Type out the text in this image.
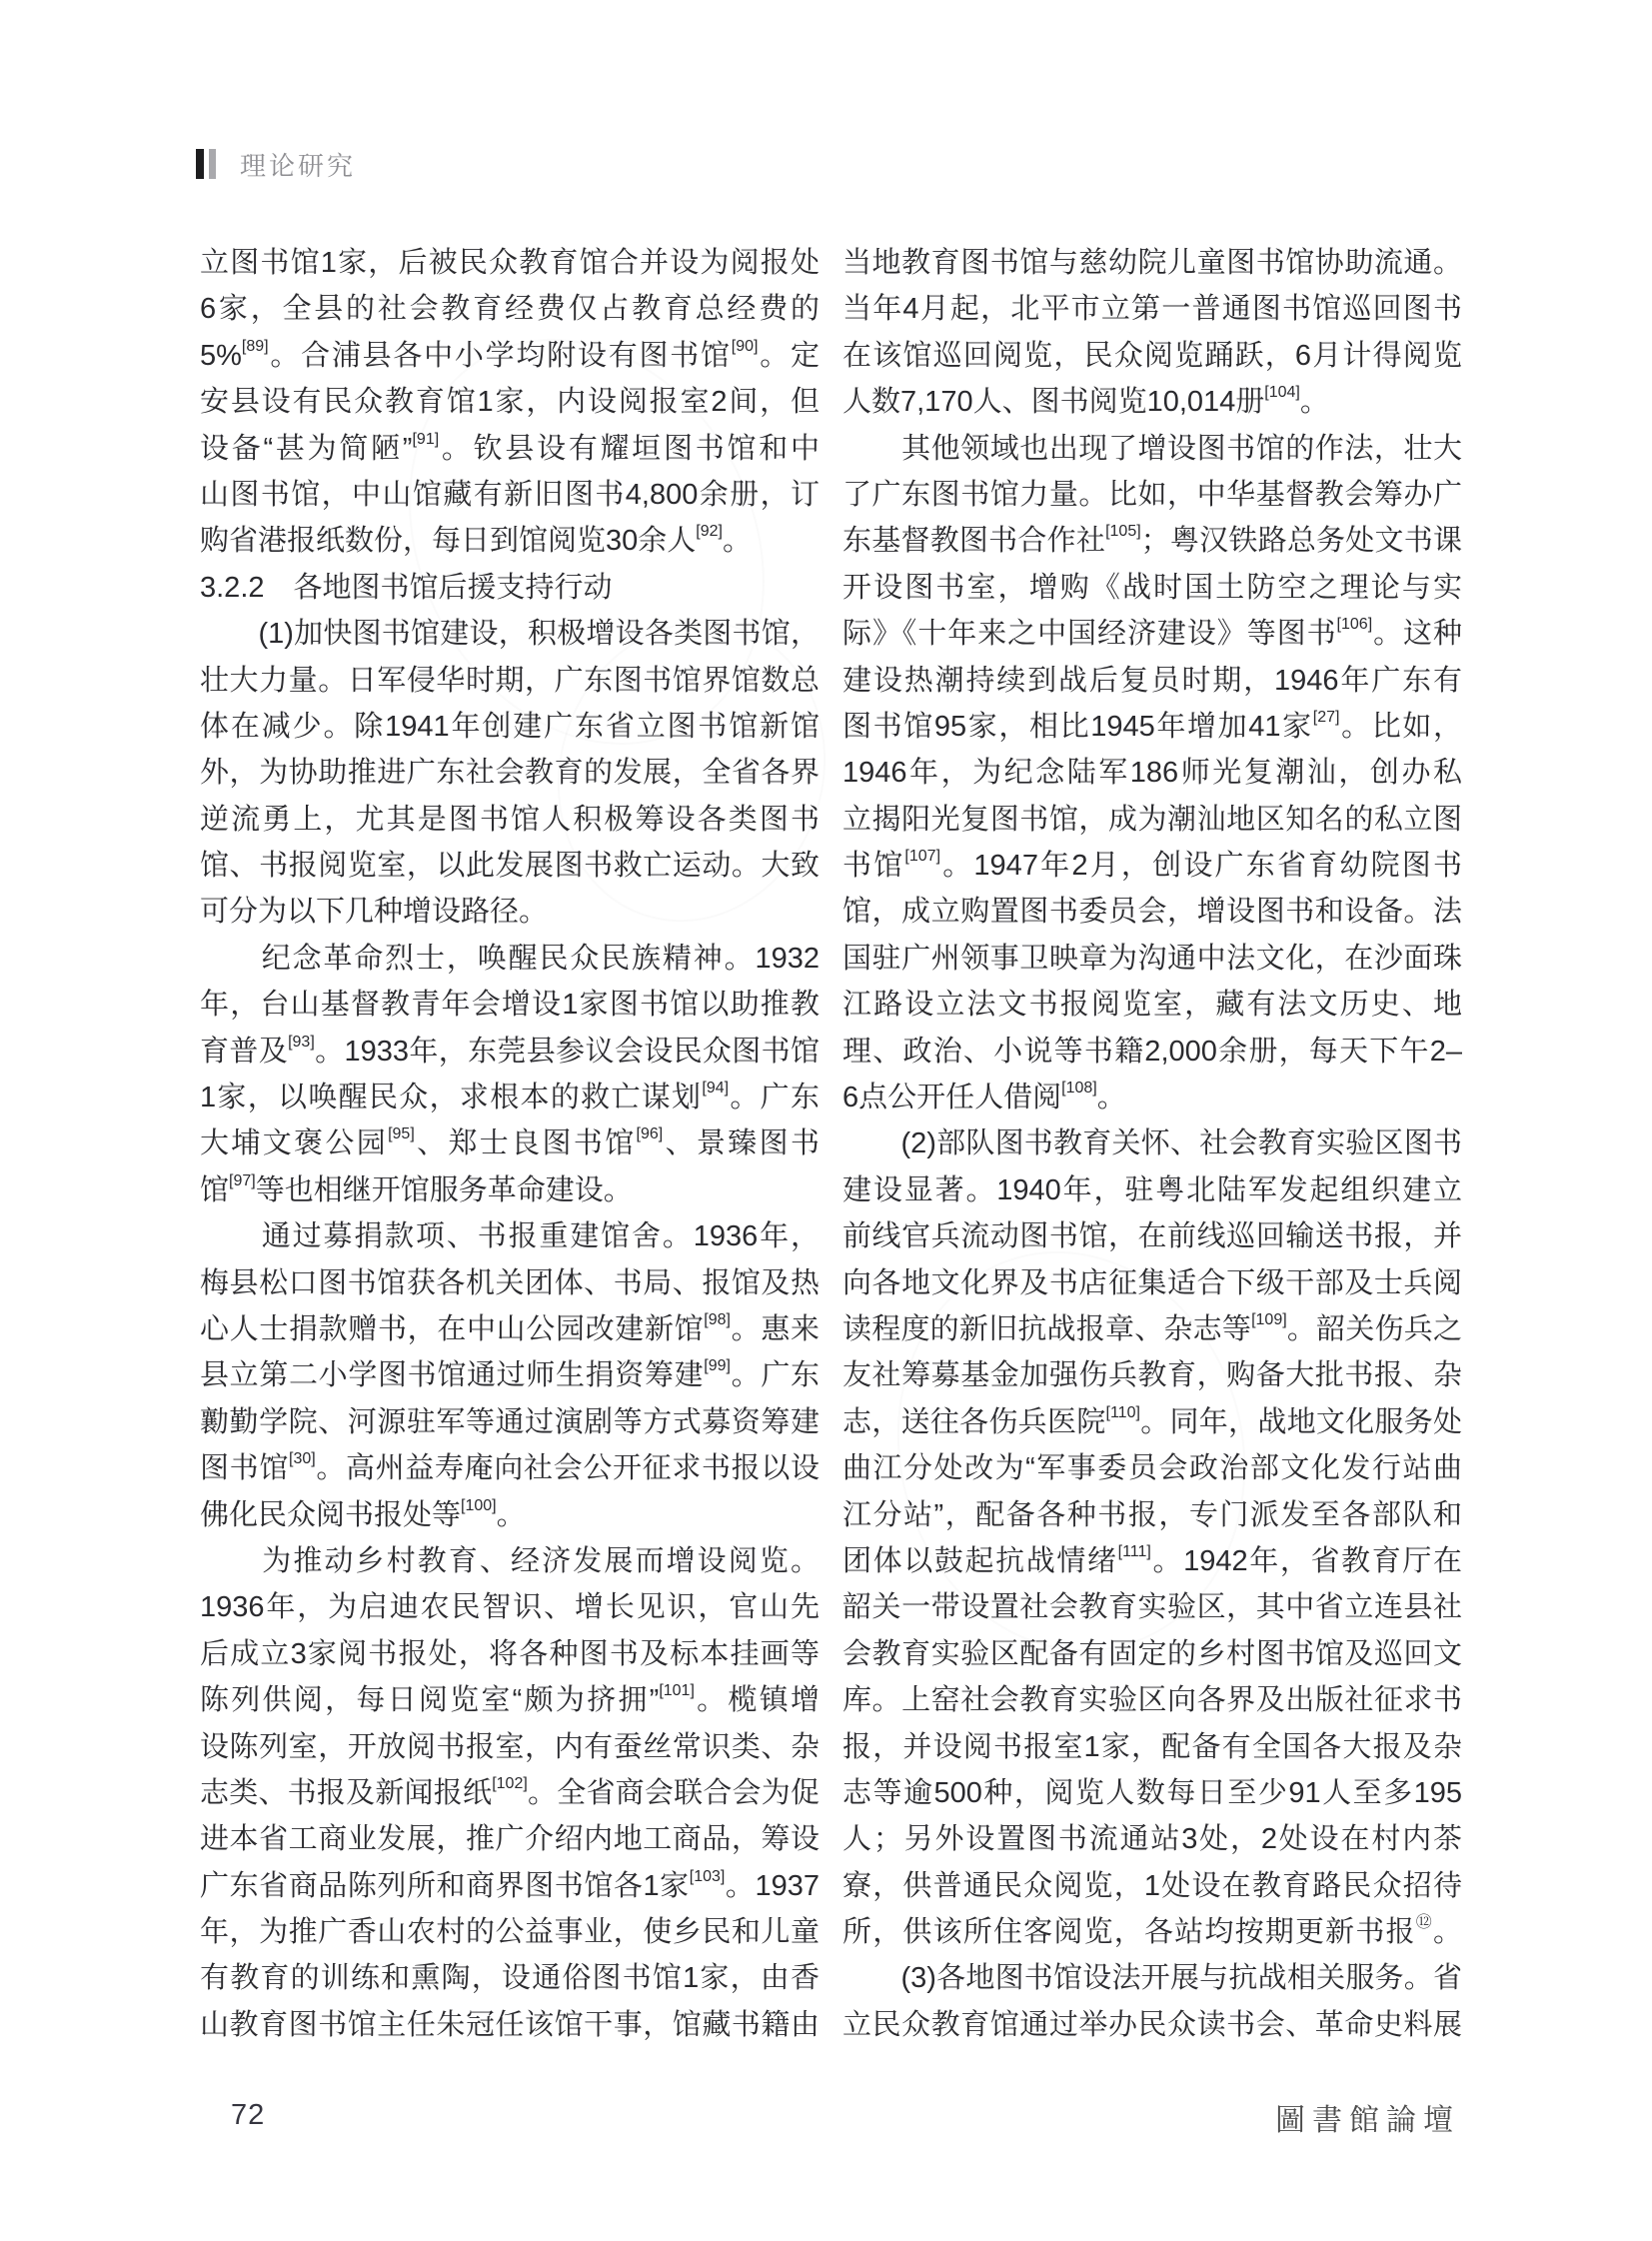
理论研究
立图书馆1家，后被民众教育馆合并设为阅报处
6家，全县的社会教育经费仅占教育总经费的
5%[89]。合浦县各中小学均附设有图书馆[90]。定
安县设有民众教育馆1家，内设阅报室2间，但
设备“甚为简陋”[91]。钦县设有耀垣图书馆和中
山图书馆，中山馆藏有新旧图书4,800余册，订
购省港报纸数份，每日到馆阅览30余人[92]。
3.2.2　各地图书馆后援支持行动
　　(1)加快图书馆建设，积极增设各类图书馆，
壮大力量。日军侵华时期，广东图书馆界馆数总
体在减少。除1941年创建广东省立图书馆新馆
外，为协助推进广东社会教育的发展，全省各界
逆流勇上，尤其是图书馆人积极筹设各类图书
馆、书报阅览室，以此发展图书救亡运动。大致
可分为以下几种增设路径。
　　纪念革命烈士，唤醒民众民族精神。1932
年，台山基督教青年会增设1家图书馆以助推教
育普及[93]。1933年，东莞县参议会设民众图书馆
1家，以唤醒民众，求根本的救亡谋划[94]。广东
大埔文褒公园[95]、郑士良图书馆[96]、景臻图书
馆[97]等也相继开馆服务革命建设。
　　通过募捐款项、书报重建馆舍。1936年，
梅县松口图书馆获各机关团体、书局、报馆及热
心人士捐款赠书，在中山公园改建新馆[98]。惠来
县立第二小学图书馆通过师生捐资筹建[99]。广东
勷勤学院、河源驻军等通过演剧等方式募资筹建
图书馆[30]。高州益寿庵向社会公开征求书报以设
佛化民众阅书报处等[100]。
　　为推动乡村教育、经济发展而增设阅览。
1936年，为启迪农民智识、增长见识，官山先
后成立3家阅书报处，将各种图书及标本挂画等
陈列供阅，每日阅览室“颇为挤拥”[101]。榄镇增
设陈列室，开放阅书报室，内有蚕丝常识类、杂
志类、书报及新闻报纸[102]。全省商会联合会为促
进本省工商业发展，推广介绍内地工商品，筹设
广东省商品陈列所和商界图书馆各1家[103]。1937
年，为推广香山农村的公益事业，使乡民和儿童
有教育的训练和熏陶，设通俗图书馆1家，由香
山教育图书馆主任朱冠任该馆干事，馆藏书籍由
当地教育图书馆与慈幼院儿童图书馆协助流通。
当年4月起，北平市立第一普通图书馆巡回图书
在该馆巡回阅览，民众阅览踊跃，6月计得阅览
人数7,170人、图书阅览10,014册[104]。
　　其他领域也出现了增设图书馆的作法，壮大
了广东图书馆力量。比如，中华基督教会筹办广
东基督教图书合作社[105]；粤汉铁路总务处文书课
开设图书室，增购《战时国土防空之理论与实
际》《十年来之中国经济建设》等图书[106]。这种
建设热潮持续到战后复员时期，1946年广东有
图书馆95家，相比1945年增加41家[27]。比如，
1946年，为纪念陆军186师光复潮汕，创办私
立揭阳光复图书馆，成为潮汕地区知名的私立图
书馆[107]。1947年2月，创设广东省育幼院图书
馆，成立购置图书委员会，增设图书和设备。法
国驻广州领事卫映章为沟通中法文化，在沙面珠
江路设立法文书报阅览室，藏有法文历史、地
理、政治、小说等书籍2,000余册，每天下午2–
6点公开任人借阅[108]。
　　(2)部队图书教育关怀、社会教育实验区图书
建设显著。1940年，驻粤北陆军发起组织建立
前线官兵流动图书馆，在前线巡回输送书报，并
向各地文化界及书店征集适合下级干部及士兵阅
读程度的新旧抗战报章、杂志等[109]。韶关伤兵之
友社筹募基金加强伤兵教育，购备大批书报、杂
志，送往各伤兵医院[110]。同年，战地文化服务处
曲江分处改为“军事委员会政治部文化发行站曲
江分站”，配备各种书报，专门派发至各部队和
团体以鼓起抗战情绪[111]。1942年，省教育厅在
韶关一带设置社会教育实验区，其中省立连县社
会教育实验区配备有固定的乡村图书馆及巡回文
库。上窑社会教育实验区向各界及出版社征求书
报，并设阅书报室1家，配备有全国各大报及杂
志等逾500种，阅览人数每日至少91人至多195
人；另外设置图书流通站3处，2处设在村内茶
寮，供普通民众阅览，1处设在教育路民众招待
所，供该所住客阅览，各站均按期更新书报⑫。
　　(3)各地图书馆设法开展与抗战相关服务。省
立民众教育馆通过举办民众读书会、革命史料展
72	圖書館論壇
